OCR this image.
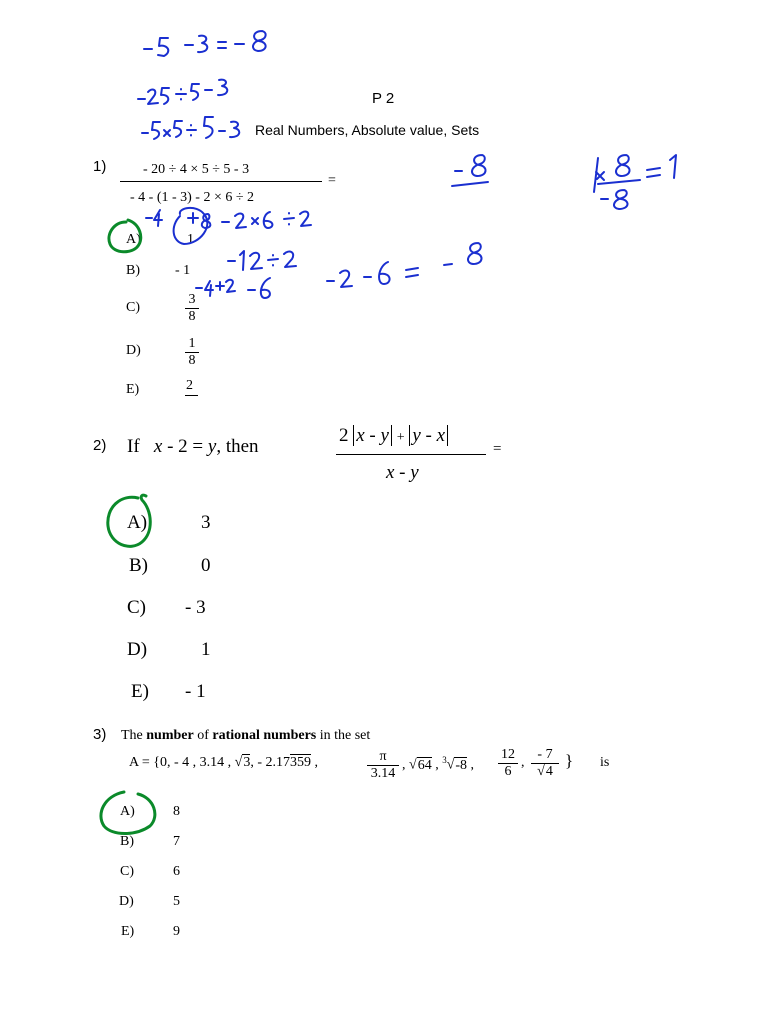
P 2
Real Numbers, Absolute value, Sets
1)	- 20 ÷ 4 × 5 ÷ 5 - 3
- 4 - (1 - 3) - 2 × 6 ÷ 2
=
A)	1
B)	- 1
C)	$\frac{3}{8}$
D)	$\frac{1}{8}$
E)	2
2) If x - 2 = y, then
2 x - y + y - x
x - y
=
A)	3
B)	0
C) - 3
D)	1
E) - 1
3) The number of rational numbers in the set
A = {0, - 4 , 3.14 , √3, - 2.17359 ,	$\frac{\pi}{3.14}$ , √64 , $^3$√-8 , $\frac{12}{6}$ , $\frac{- 7}{√4}$ } is
A)	8
B)	7
C)	6
D)	5
E)	9
